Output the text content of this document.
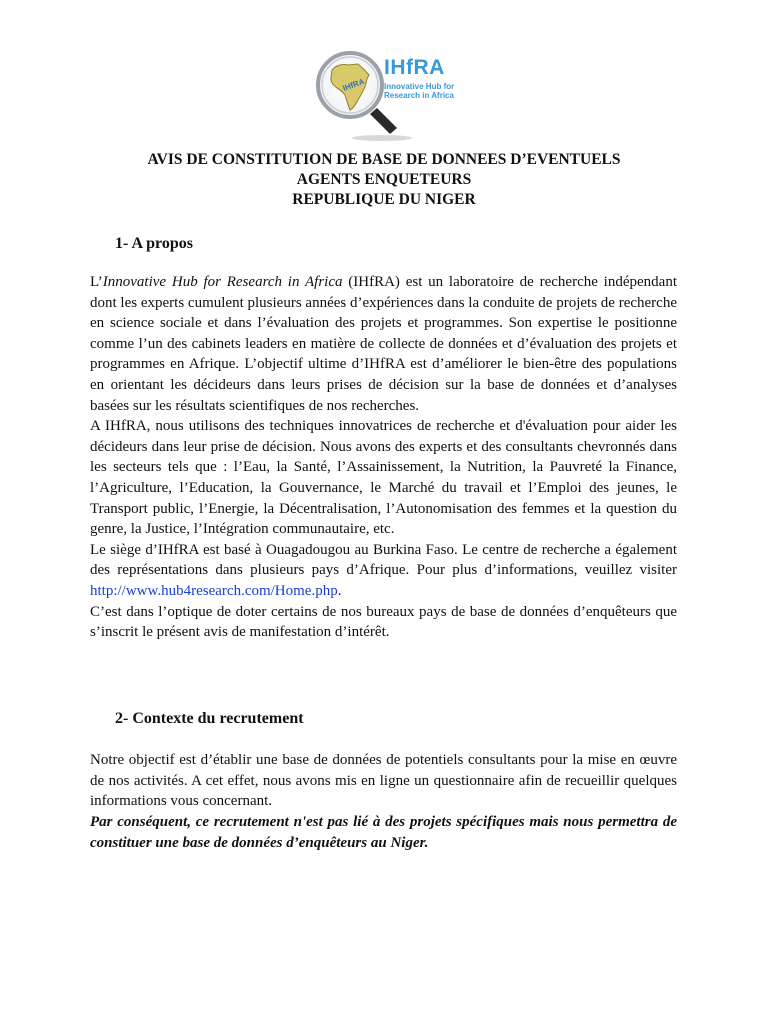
IHfRA
IHfRA
Innovative Hub for Research in Africa
AVIS DE CONSTITUTION DE BASE DE DONNEES D’EVENTUELS
AGENTS ENQUETEURS
REPUBLIQUE DU NIGER
1- A propos

L’Innovative Hub for Research in Africa (IHfRA) est un laboratoire de recherche indépendant dont les experts cumulent plusieurs années d’expériences dans la conduite de projets de recherche en science sociale et dans l’évaluation des projets et programmes. Son expertise le positionne comme l’un des cabinets leaders en matière de collecte de données et d’évaluation des projets et programmes en Afrique. L’objectif ultime d’IHfRA est d’améliorer le bien-être des populations en orientant les décideurs dans leurs prises de décision sur la base de données et d’analyses basées sur les résultats scientifiques de nos recherches.

A IHfRA, nous utilisons des techniques innovatrices de recherche et d'évaluation pour aider les décideurs dans leur prise de décision. Nous avons des experts et des consultants chevronnés dans les secteurs tels que : l’Eau, la Santé, l’Assainissement, la Nutrition, la Pauvreté la Finance, l’Agriculture, l’Education, la Gouvernance, le Marché du travail et l’Emploi des jeunes, le Transport public, l’Energie, la Décentralisation, l’Autonomisation des femmes et la question du genre, la Justice, l’Intégration communautaire, etc.

Le siège d’IHfRA est basé à Ouagadougou au Burkina Faso. Le centre de recherche a également des représentations dans plusieurs pays d’Afrique. Pour plus d’informations, veuillez visiter http://www.hub4research.com/Home.php.

C’est dans l’optique de doter certains de nos bureaux pays de base de données d’enquêteurs que s’inscrit le présent avis de manifestation d’intérêt.

2- Contexte du recrutement

Notre objectif est d’établir une base de données de potentiels consultants pour la mise en œuvre de nos activités. A cet effet, nous avons mis en ligne un questionnaire afin de recueillir quelques informations vous concernant.

Par conséquent, ce recrutement n'est pas lié à des projets spécifiques mais nous permettra de constituer une base de données d’enquêteurs au Niger.
